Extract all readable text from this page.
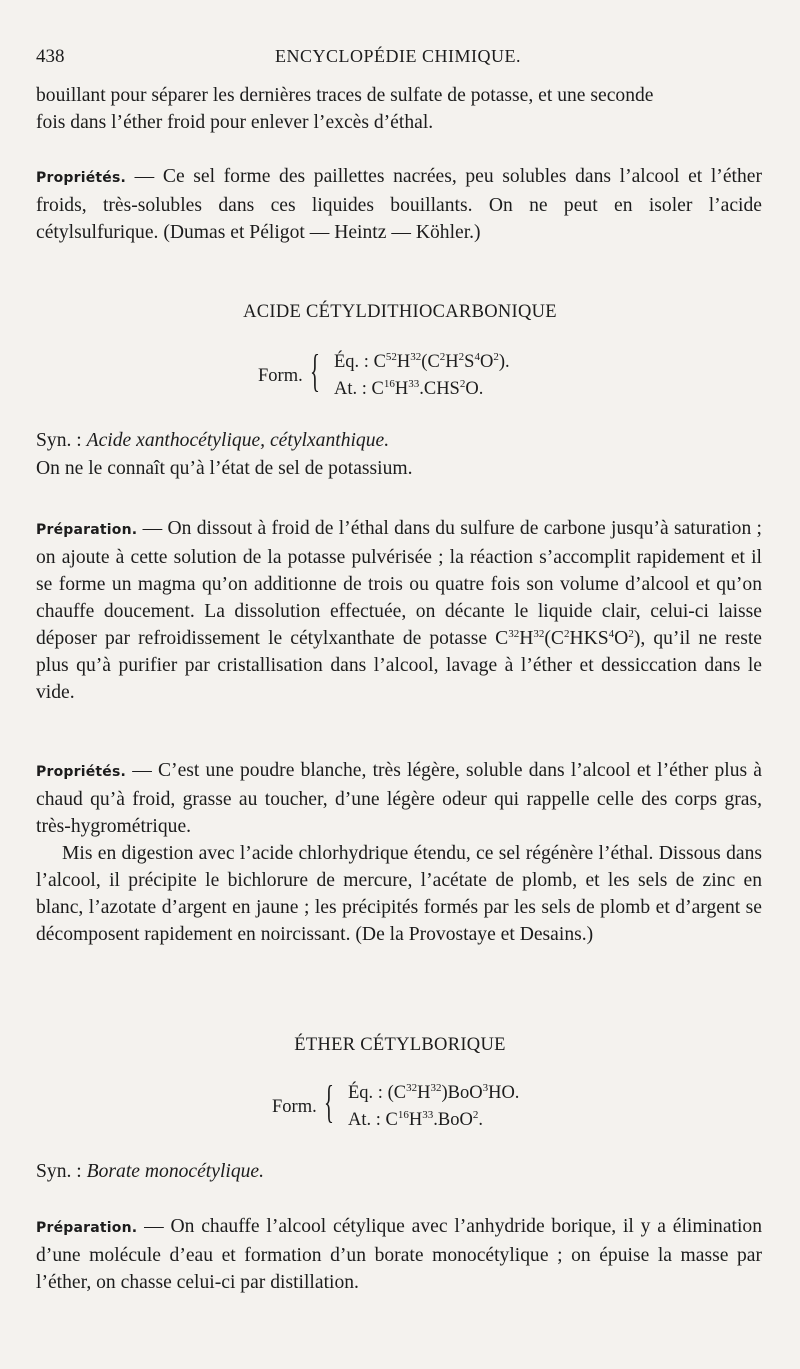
438	ENCYCLOPÉDIE CHIMIQUE.

bouillant pour séparer les dernières traces de sulfate de potasse, et une seconde

fois dans l’éther froid pour enlever l’excès d’éthal.

Propriétés. — Ce sel forme des paillettes nacrées, peu solubles dans l’alcool et l’éther froids, très-solubles dans ces liquides bouillants. On ne peut en isoler l’acide cétylsulfurique. (Dumas et Péligot — Heintz — Köhler.)

ACIDE CÉTYLDITHIOCARBONIQUE
Form. { Éq. : $C^{52}H^{32}(C^2H^2S^4O^2)$.
At. : $C^{16}H^{33}.CHS^2O$.
Syn. : Acide xanthocétylique, cétylxanthique.
On ne le connaît qu’à l’état de sel de potassium.

Préparation. — On dissout à froid de l’éthal dans du sulfure de carbone jusqu’à saturation ; on ajoute à cette solution de la potasse pulvérisée ; la réaction s’accomplit rapidement et il se forme un magma qu’on additionne de trois ou quatre fois son volume d’alcool et qu’on chauffe doucement. La dissolution effectuée, on décante le liquide clair, celui-ci laisse déposer par refroidissement le cétylxanthate de potasse $C^{32}H^{32}(C^2HKS^4O^2)$, qu’il ne reste plus qu’à purifier par cristallisation dans l’alcool, lavage à l’éther et dessiccation dans le vide.

Propriétés. — C’est une poudre blanche, très légère, soluble dans l’alcool et l’éther plus à chaud qu’à froid, grasse au toucher, d’une légère odeur qui rappelle celle des corps gras, très-hygrométrique.

Mis en digestion avec l’acide chlorhydrique étendu, ce sel régénère l’éthal. Dissous dans l’alcool, il précipite le bichlorure de mercure, l’acétate de plomb, et les sels de zinc en blanc, l’azotate d’argent en jaune ; les précipités formés par les sels de plomb et d’argent se décomposent rapidement en noircissant. (De la Provostaye et Desains.)

ÉTHER CÉTYLBORIQUE
Form. { Éq. : $(C^{32}H^{32})BoO^3HO$.
At. : $C^{16}H^{33}.BoO^2$.
Syn. : Borate monocétylique.

Préparation. — On chauffe l’alcool cétylique avec l’anhydride borique, il y a élimination d’une molécule d’eau et formation d’un borate monocétylique ; on épuise la masse par l’éther, on chasse celui-ci par distillation.
